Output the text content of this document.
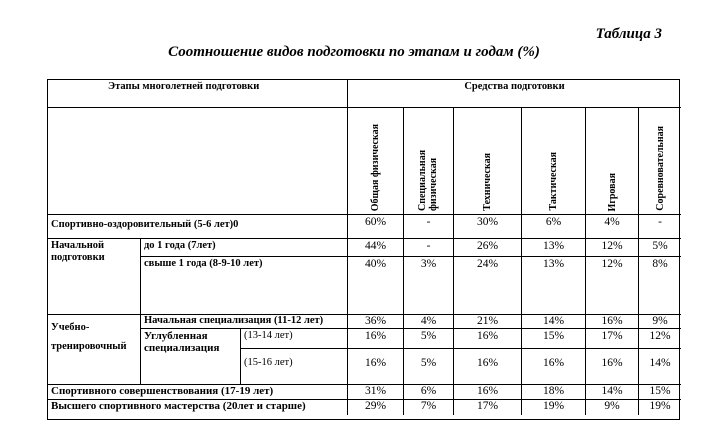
Таблица 3
Соотношение видов подготовки по этапам и годам (%)
Этапы многолетней подготовки	Средства подготовки
Общая физическая	Специальная физическая	Техническая	Тактическая	Игровая	Соревновательная
Спортивно-оздоровительный (5-6 лет)0	60%	-	30%	6%	4%	-
Начальной подготовки
до 1 года (7лет)	44%	-	26%	13%	12%	5%
свыше 1 года (8-9-10 лет)	40%	3%	24%	13%	12%	8%
Учебно-тренировочный
Начальная специализация (11-12 лет)	36%	4%	21%	14%	16%	9%
Углубленная специализация
(13-14 лет)	16%	5%	16%	15%	17%	12%
(15-16 лет)	16%	5%	16%	16%	16%	14%
Спортивного совершенствования (17-19 лет)	31%	6%	16%	18%	14%	15%
Высшего спортивного мастерства (20лет и старше)	29%	7%	17%	19%	9%	19%
